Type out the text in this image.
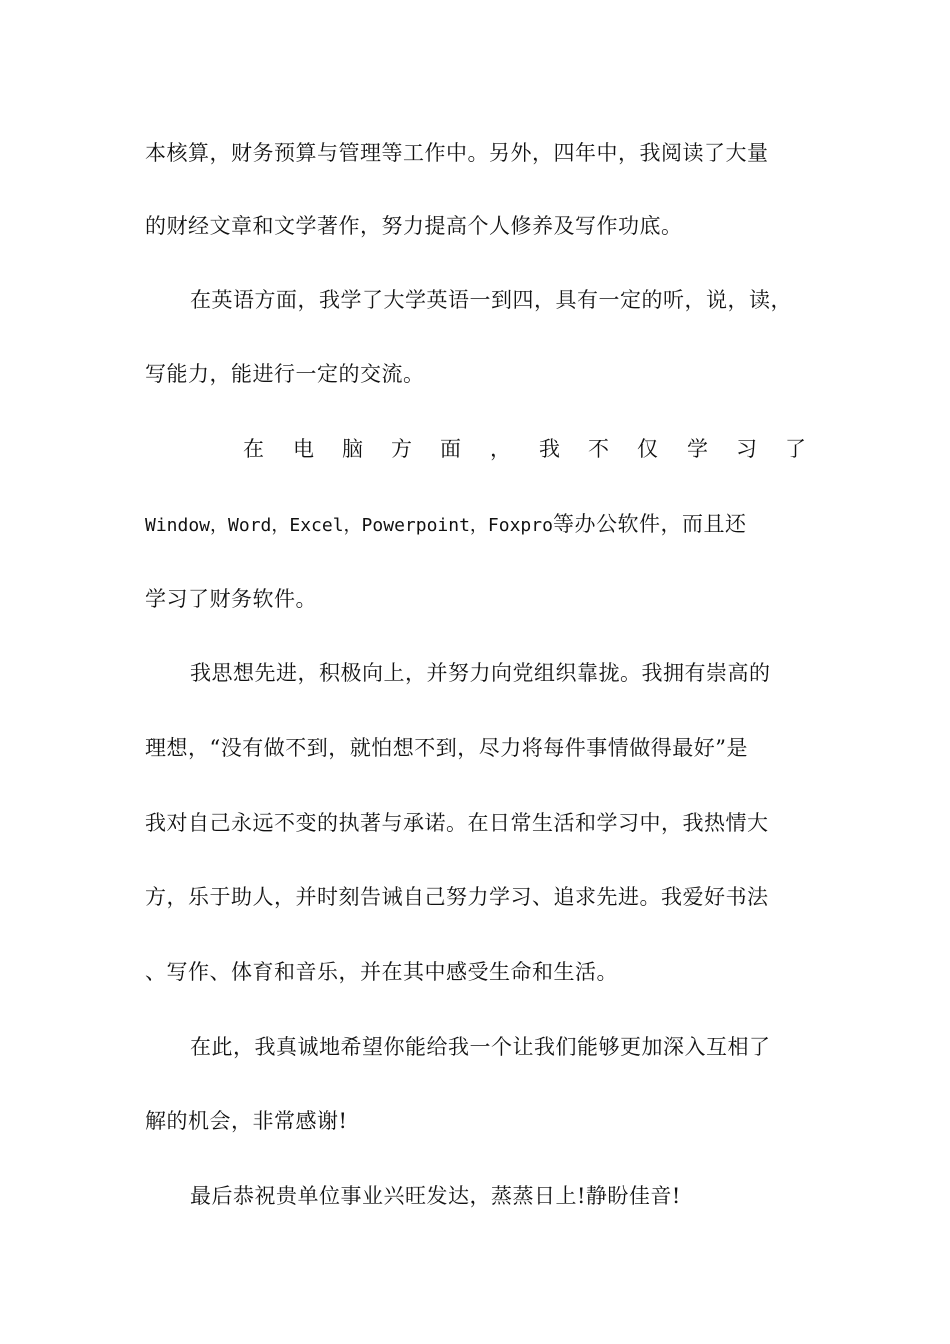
本核算，财务预算与管理等工作中。另外，四年中，我阅读了大量
的财经文章和文学著作，努力提高个人修养及写作功底。
在英语方面，我学了大学英语一到四，具有一定的听，说，读，
写能力，能进行一定的交流。
在 电 脑 方 面 ， 我 不 仅 学 习 了
Window，Word，Excel，Powerpoint，Foxpro等办公软件，而且还
学习了财务软件。
我思想先进，积极向上，并努力向党组织靠拢。我拥有崇高的
理想，“没有做不到，就怕想不到，尽力将每件事情做得最好”是
我对自己永远不变的执著与承诺。在日常生活和学习中，我热情大
方，乐于助人，并时刻告诫自己努力学习、追求先进。我爱好书法
、写作、体育和音乐，并在其中感受生命和生活。
在此，我真诚地希望你能给我一个让我们能够更加深入互相了
解的机会，非常感谢!
最后恭祝贵单位事业兴旺发达，蒸蒸日上!静盼佳音!
